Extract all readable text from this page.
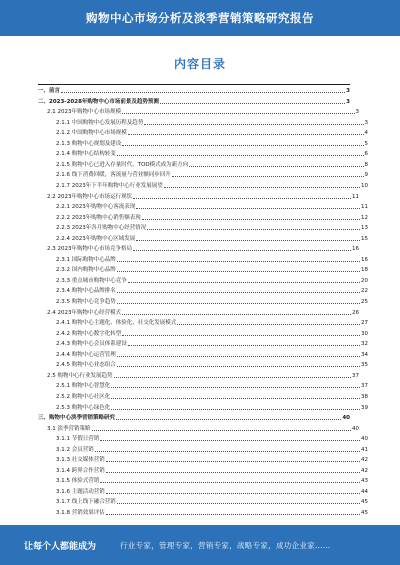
购物中心市场分析及淡季营销策略研究报告
内容目录
一、前言	3
二、2023-2028年购物中心市场前景及趋势预测	3
2.1 2023年购物中心市场规模	3
2.1.1 中国购物中心发展历程及趋势	3
2.1.2 中国购物中心市场规模	4
2.1.3 购物中心规划及建设	5
2.1.4 购物中心结构转变	6
2.1.5 购物中心已进入存量时代，TOD模式成为新方向	8
2.1.6 线下消费回暖，客流量与营业额同步回升	9
2.1.7 2023年下半年购物中心行业发展展望	10
2.2 2023年购物中心市场运行现状	11
2.2.1 2023年购物中心客流表现	11
2.2.2 2023年购物中心销售额表现	12
2.2.3 2023年各月购物中心经营情况	13
2.2.4 2023年购物中心区域发展	15
2.3 2023年购物中心市场竞争格局	16
2.3.1 国际购物中心品牌	16
2.3.2 国内购物中心品牌	18
2.3.3 重点城市购物中心竞争	20
2.3.4 购物中心品牌排名	22
2.3.5 购物中心竞争趋势	25
2.4 2023年购物中心经营模式	26
2.4.1 购物中心主题化、体验化、社交化发展模式	27
2.4.2 购物中心数字化转型	30
2.4.3 购物中心会员体系建设	32
2.4.4 购物中心运营管理	34
2.4.5 购物中心业态组合	35
2.5 购物中心行业发展趋势	37
2.5.1 购物中心智慧化	37
2.5.2 购物中心社区化	38
2.5.3 购物中心绿色化	39
三、购物中心淡季营销策略研究	40
3.1 淡季营销策略	40
3.1.1 节假日营销	40
3.1.2 会员营销	41
3.1.3 社交媒体营销	42
3.1.4 跨界合作营销	42
3.1.5 体验式营销	43
3.1.6 主题活动营销	44
3.1.7 线上线下融合营销	45
3.1.8 营销效果评估	45
让每个人都能成为	行业专家，管理专家，营销专家，战略专家，成功企业家……
